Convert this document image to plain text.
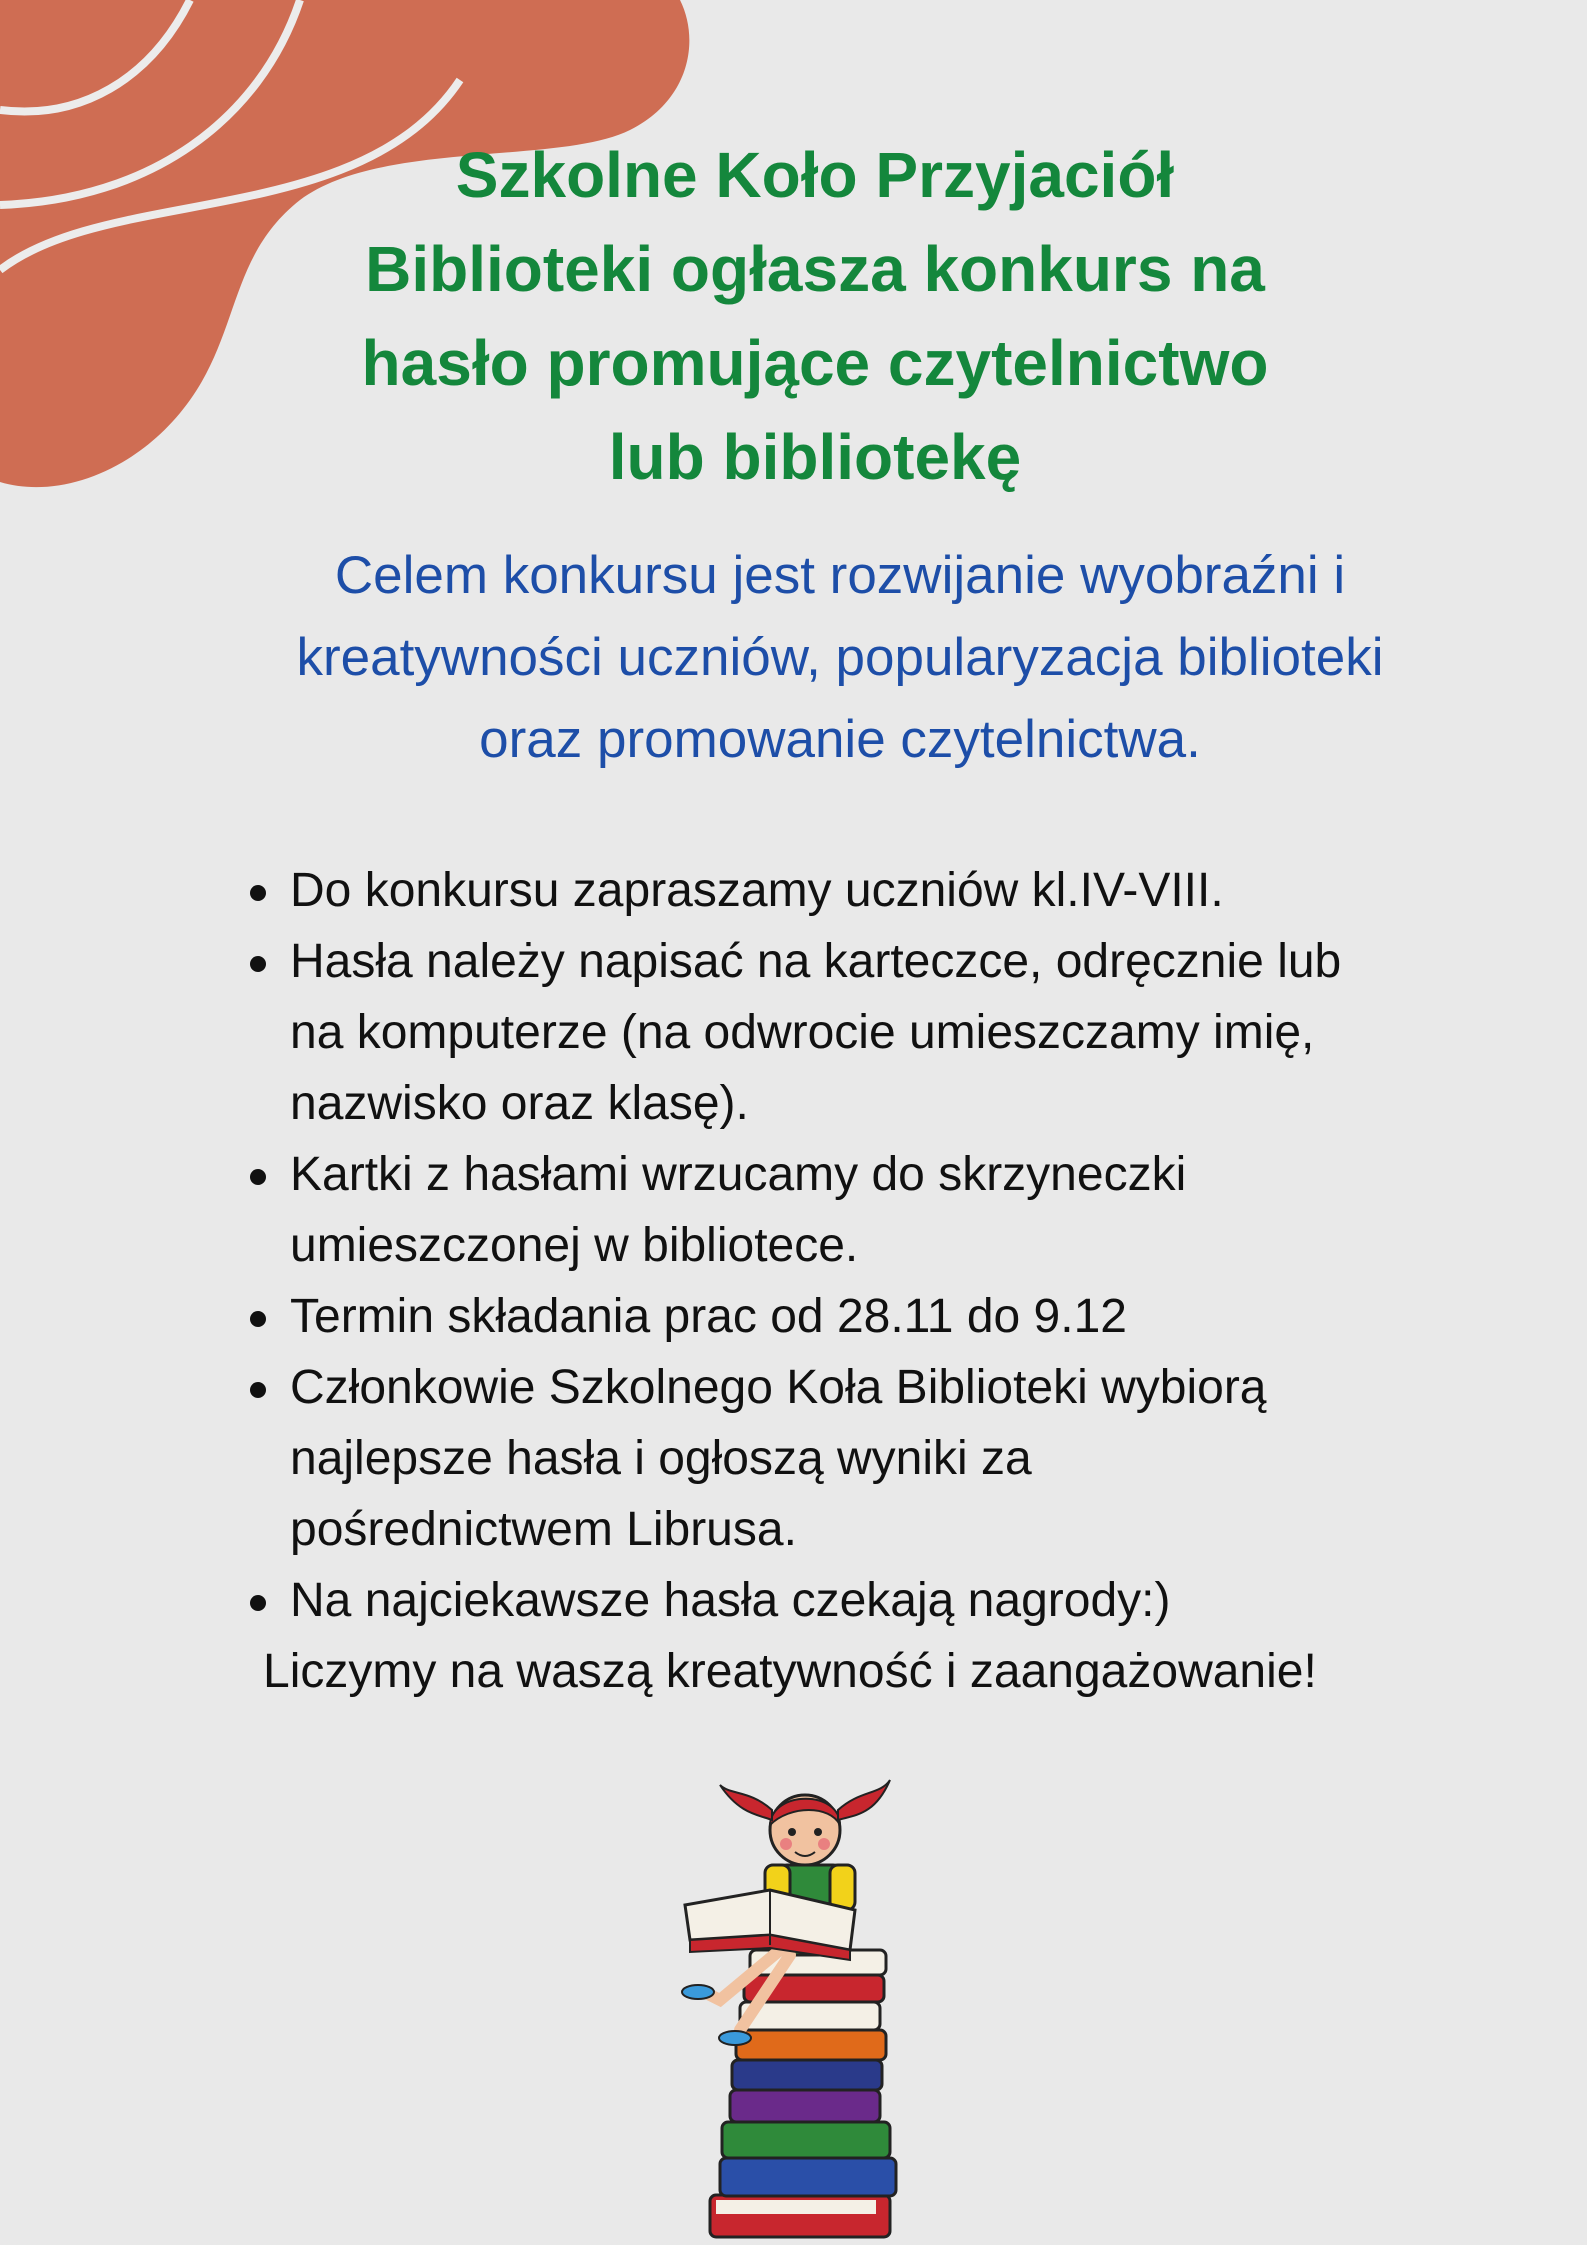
Szkolne Koło Przyjaciół
Biblioteki ogłasza konkurs na
hasło promujące czytelnictwo
lub bibliotekę

Celem konkursu jest rozwijanie wyobraźni i
kreatywności uczniów, popularyzacja biblioteki
oraz promowanie czytelnictwa.

Do konkursu zapraszamy uczniów kl.IV-VIII.
Hasła należy napisać na karteczce, odręcznie lub
na komputerze (na odwrocie umieszczamy imię,
nazwisko oraz klasę).
Kartki z hasłami wrzucamy do skrzyneczki
umieszczonej w bibliotece.
Termin składania prac od 28.11 do 9.12
Członkowie Szkolnego Koła Biblioteki wybiorą
najlepsze hasła i ogłoszą wyniki za
pośrednictwem Librusa.
Na najciekawsze hasła czekają nagrody:)

Liczymy na waszą kreatywność i zaangażowanie!
